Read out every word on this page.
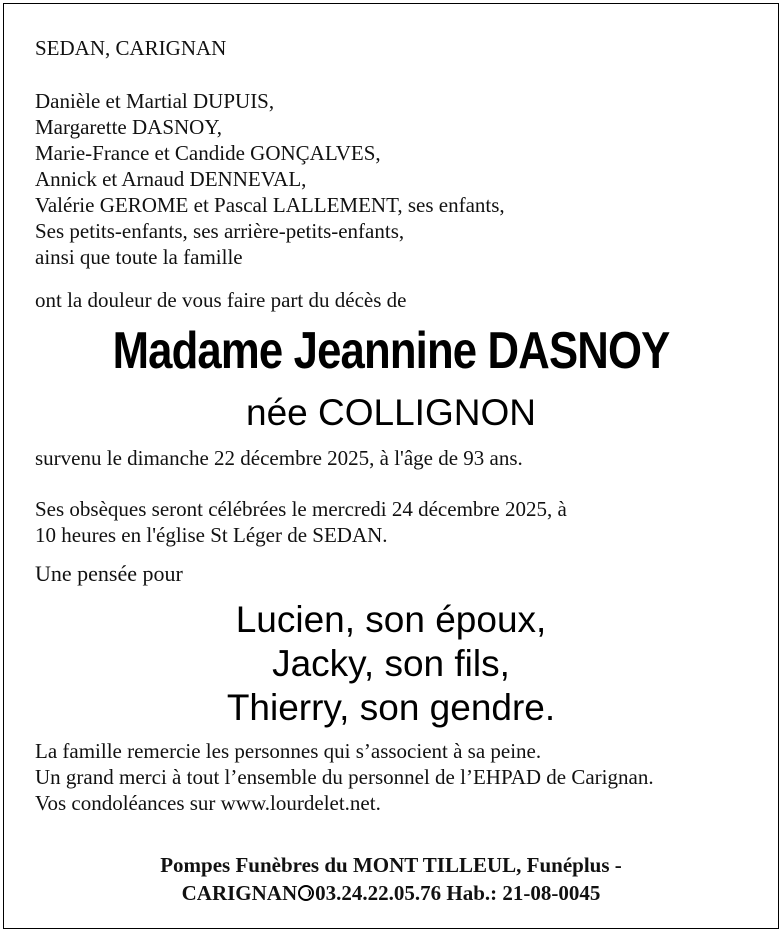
SEDAN, CARIGNAN
Danièle et Martial DUPUIS,
Margarette DASNOY,
Marie-France et Candide GONÇALVES,
Annick et Arnaud DENNEVAL,
Valérie GEROME et Pascal LALLEMENT, ses enfants,
Ses petits-enfants, ses arrière-petits-enfants,
ainsi que toute la famille
ont la douleur de vous faire part du décès de
Madame Jeannine DASNOY
née COLLIGNON
survenu le dimanche 22 décembre 2025, à l'âge de 93 ans.
Ses obsèques seront célébrées le mercredi 24 décembre 2025, à
10 heures en l'église St Léger de SEDAN.
Une pensée pour
Lucien, son époux,
Jacky, son fils,
Thierry, son gendre.
La famille remercie les personnes qui s’associent à sa peine.
Un grand merci à tout l’ensemble du personnel de l’EHPAD de Carignan.
Vos condoléances sur www.lourdelet.net.
Pompes Funèbres du MONT TILLEUL, Funéplus -
CARIGNAN 03.24.22.05.76 Hab.: 21-08-0045
